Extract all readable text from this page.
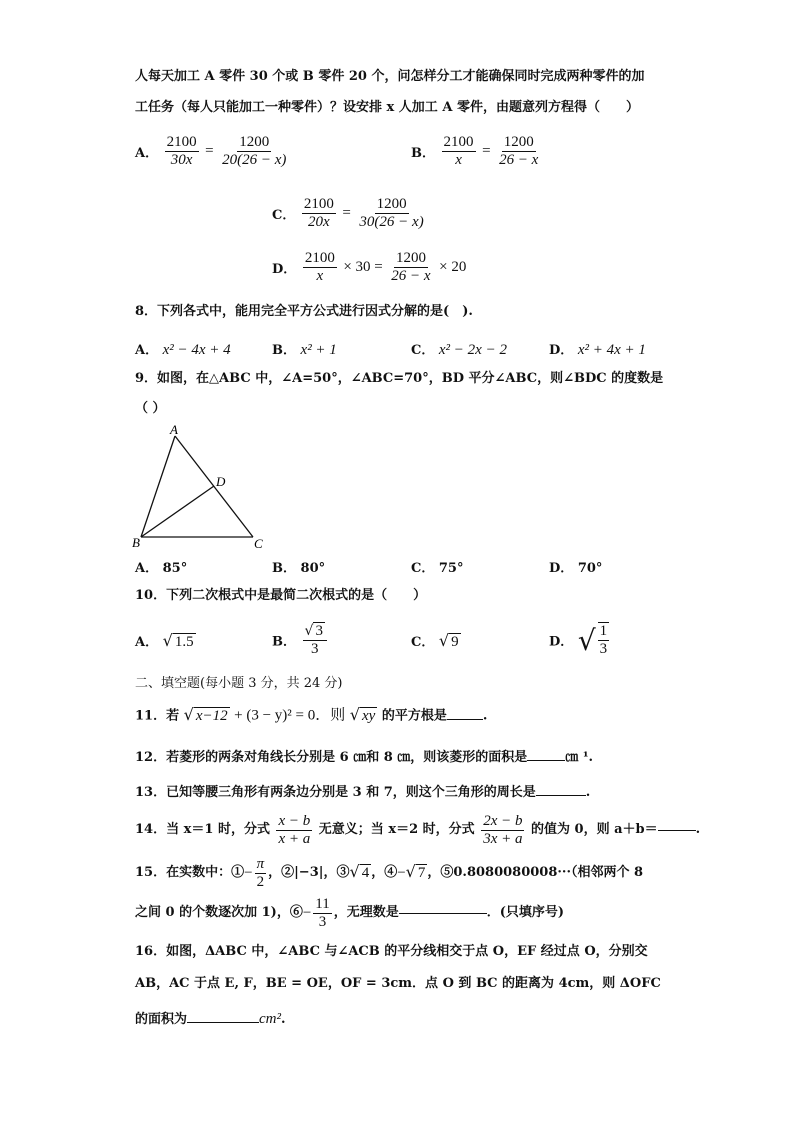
人每天加工 A 零件 30 个或 B 零件 20 个，问怎样分工才能确保同时完成两种零件的加
工任务（每人只能加工一种零件）？设安排 x 人加工 A 零件，由题意列方程得（　　）
A． $\frac{2100}{30x} = \frac{1200}{20(26 - x)}$	B． $\frac{2100}{x} = \frac{1200}{26 - x}$
C． $\frac{2100}{20x} = \frac{1200}{30(26 - x)}$
D． $\frac{2100}{x} \times 30 = \frac{1200}{26 - x} \times 20$
8．下列各式中，能用完全平方公式进行因式分解的是(　).
A． x² − 4x + 4	B． x² + 1	C． x² − 2x − 2	D． x² + 4x + 1
9．如图，在△ABC 中，∠A=50°，∠ABC=70°，BD 平分∠ABC，则∠BDC 的度数是
（ ）
A
B	C
D
A． 85°	B． 80°	C． 75°	D． 70°
10．下列二次根式中是最简二次根式的是（　　）
A． √ 1.5	B． $\frac{√ 3}{3}$	C． √ 9	D． √ $\frac{1}{3}$
二、填空题(每小题 3 分，共 24 分)
11．若 √ x−12 + (3 − y)² = 0．则 √ xy 的平方根是	.
12．若菱形的两条对角线长分别是 6 ㎝和 8 ㎝，则该菱形的面积是	㎝ ¹.
13．已知等腰三角形有两条边分别是 3 和 7，则这个三角形的周长是	.
14．当 x＝1 时，分式 $\frac{x - b}{x + a}$ 无意义；当 x＝2 时，分式 $\frac{2x - b}{3x + a}$ 的值为 0，则 a＋b＝	.
15．在实数中：①− $\frac{\pi}{2}$ ，②|−3|，③√ 4 ，④−√ 7 ，⑤0.8080080008···（相邻两个 8
之间 0 的个数逐次加 1)，⑥− $\frac{11}{3}$ ，无理数是	．(只填序号)
16．如图，ΔABC 中，∠ABC 与∠ACB 的平分线相交于点 O，EF 经过点 O，分别交
AB，AC 于点 E, F，BE = OE，OF = 3cm．点 O 到 BC 的距离为 4cm，则 ΔOFC
的面积为	cm².
